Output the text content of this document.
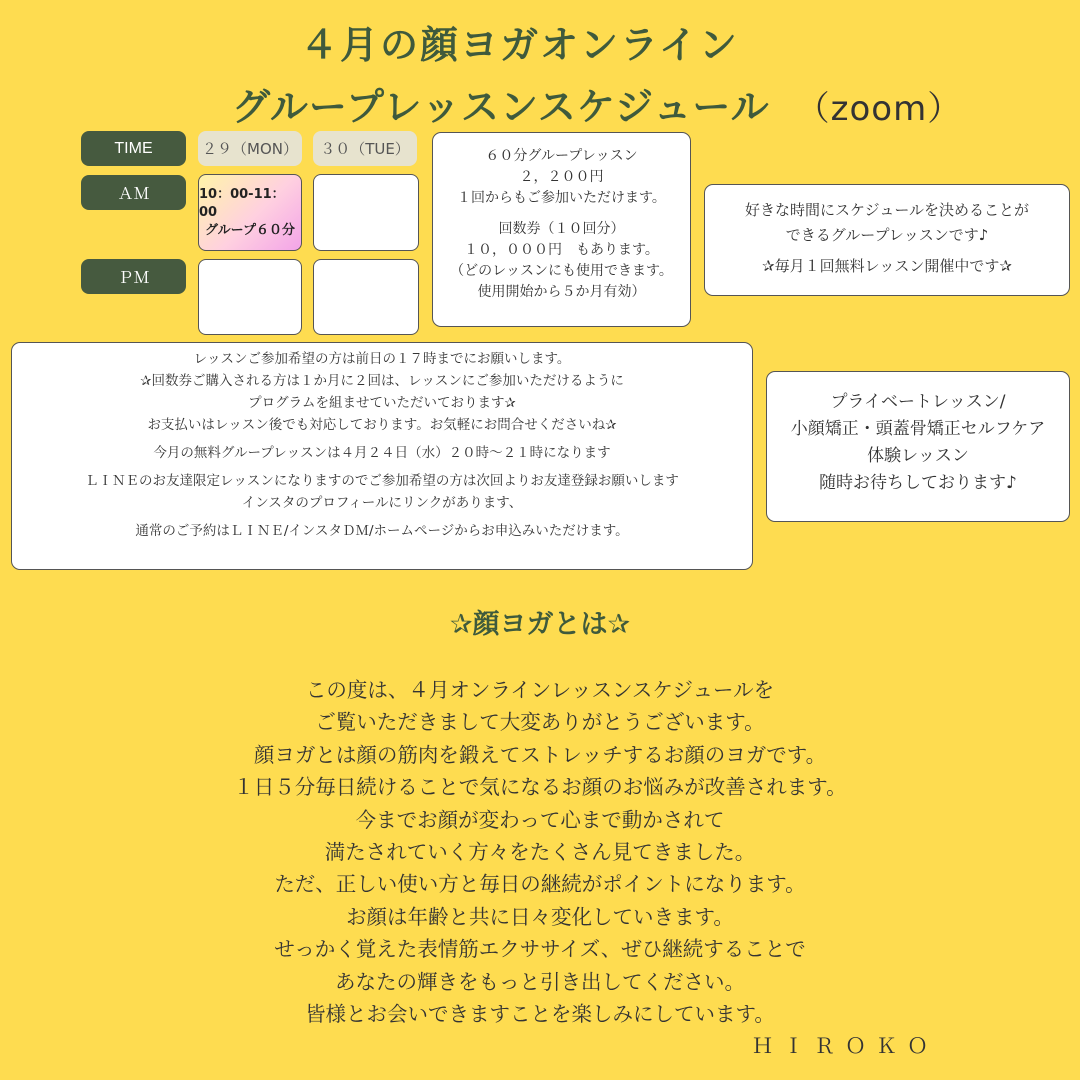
４月の顔ヨガオンライン
グループレッスンスケジュール （zoom）
TIME
ＡＭ
ＰＭ
２９（MON）	３０（TUE）
10：00-11：00
グループ６０分

６０分グループレッスン

２，２００円

１回からもご参加いただけます。

回数券（１０回分）

１０，０００円　もあります。

（どのレッスンにも使用できます。

使用開始から５か月有効）

好きな時間にスケジュールを決めることが

できるグループレッスンです♪

✰毎月１回無料レッスン開催中です✰

レッスンご参加希望の方は前日の１７時までにお願いします。

✰回数券ご購入される方は１か月に２回は、レッスンにご参加いただけるように

プログラムを組ませていただいております✰

お支払いはレッスン後でも対応しております。お気軽にお問合せくださいね✰

今月の無料グループレッスンは４月２４日（水）２０時～２１時になります

ＬＩＮＥのお友達限定レッスンになりますのでご参加希望の方は次回よりお友達登録お願いします

インスタのプロフィールにリンクがあります、

通常のご予約はＬＩＮＥ/インスタＤＭ/ホームページからお申込みいただけます。

プライベートレッスン/

小顔矯正・頭蓋骨矯正セルフケア

体験レッスン

随時お待ちしております♪

✰顔ヨガとは✰

この度は、４月オンラインレッスンスケジュールを

ご覧いただきまして大変ありがとうございます。

顔ヨガとは顔の筋肉を鍛えてストレッチするお顔のヨガです。

１日５分毎日続けることで気になるお顔のお悩みが改善されます。

今までお顔が変わって心まで動かされて

満たされていく方々をたくさん見てきました。

ただ、正しい使い方と毎日の継続がポイントになります。

お顔は年齢と共に日々変化していきます。

せっかく覚えた表情筋エクササイズ、ぜひ継続することで

あなたの輝きをもっと引き出してください。

皆様とお会いできますことを楽しみにしています。

ＨＩＲＯＫＯ
